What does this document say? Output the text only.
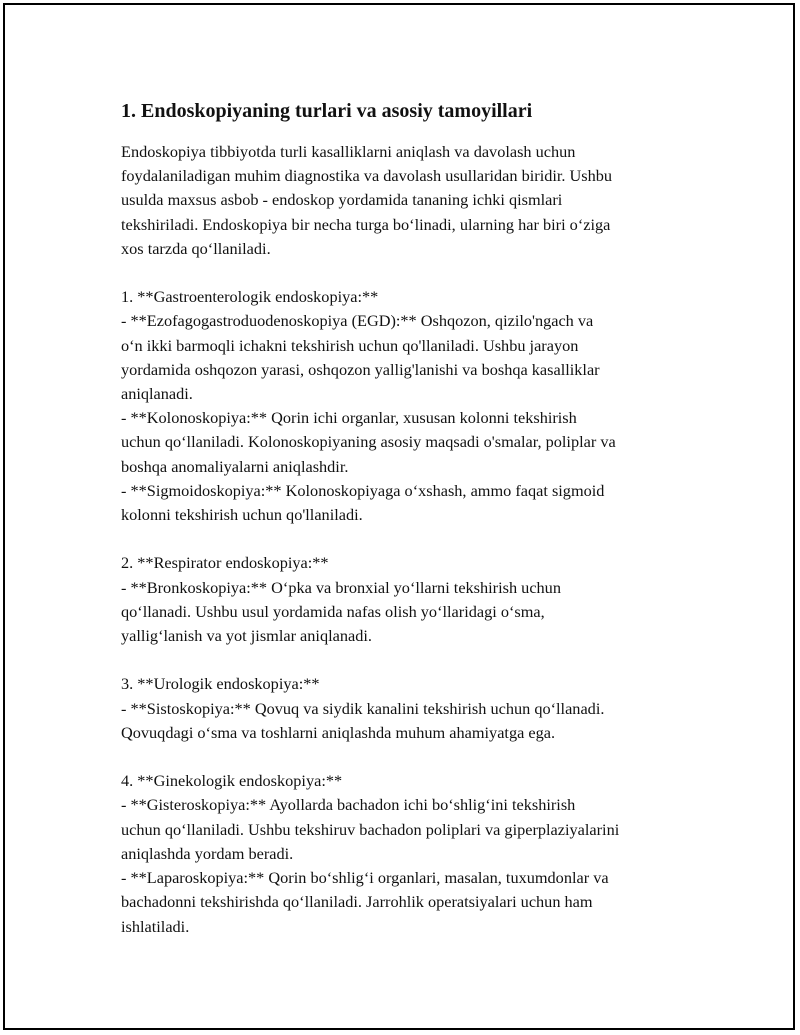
1. Endoskopiyaning turlari va asosiy tamoyillari
Endoskopiya tibbiyotda turli kasalliklarni aniqlash va davolash uchun
foydalaniladigan muhim diagnostika va davolash usullaridan biridir. Ushbu
usulda maxsus asbob - endoskop yordamida tananing ichki qismlari
tekshiriladi. Endoskopiya bir necha turga bo‘linadi, ularning har biri o‘ziga
xos tarzda qo‘llaniladi.

1. **Gastroenterologik endoskopiya:**
- **Ezofagogastroduodenoskopiya (EGD):** Oshqozon, qizilo'ngach va
o‘n ikki barmoqli ichakni tekshirish uchun qo'llaniladi. Ushbu jarayon
yordamida oshqozon yarasi, oshqozon yallig'lanishi va boshqa kasalliklar
aniqlanadi.
- **Kolonoskopiya:** Qorin ichi organlar, xususan kolonni tekshirish
uchun qo‘llaniladi. Kolonoskopiyaning asosiy maqsadi o'smalar, poliplar va
boshqa anomaliyalarni aniqlashdir.
- **Sigmoidoskopiya:** Kolonoskopiyaga o‘xshash, ammo faqat sigmoid
kolonni tekshirish uchun qo'llaniladi.

2. **Respirator endoskopiya:**
- **Bronkoskopiya:** O‘pka va bronxial yo‘llarni tekshirish uchun
qo‘llanadi. Ushbu usul yordamida nafas olish yo‘llaridagi o‘sma,
yallig‘lanish va yot jismlar aniqlanadi.

3. **Urologik endoskopiya:**
- **Sistoskopiya:** Qovuq va siydik kanalini tekshirish uchun qo‘llanadi.
Qovuqdagi o‘sma va toshlarni aniqlashda muhum ahamiyatga ega.

4. **Ginekologik endoskopiya:**
- **Gisteroskopiya:** Ayollarda bachadon ichi bo‘shlig‘ini tekshirish
uchun qo‘llaniladi. Ushbu tekshiruv bachadon poliplari va giperplaziyalarini
aniqlashda yordam beradi.
- **Laparoskopiya:** Qorin bo‘shlig‘i organlari, masalan, tuxumdonlar va
bachadonni tekshirishda qo‘llaniladi. Jarrohlik operatsiyalari uchun ham
ishlatiladi.
